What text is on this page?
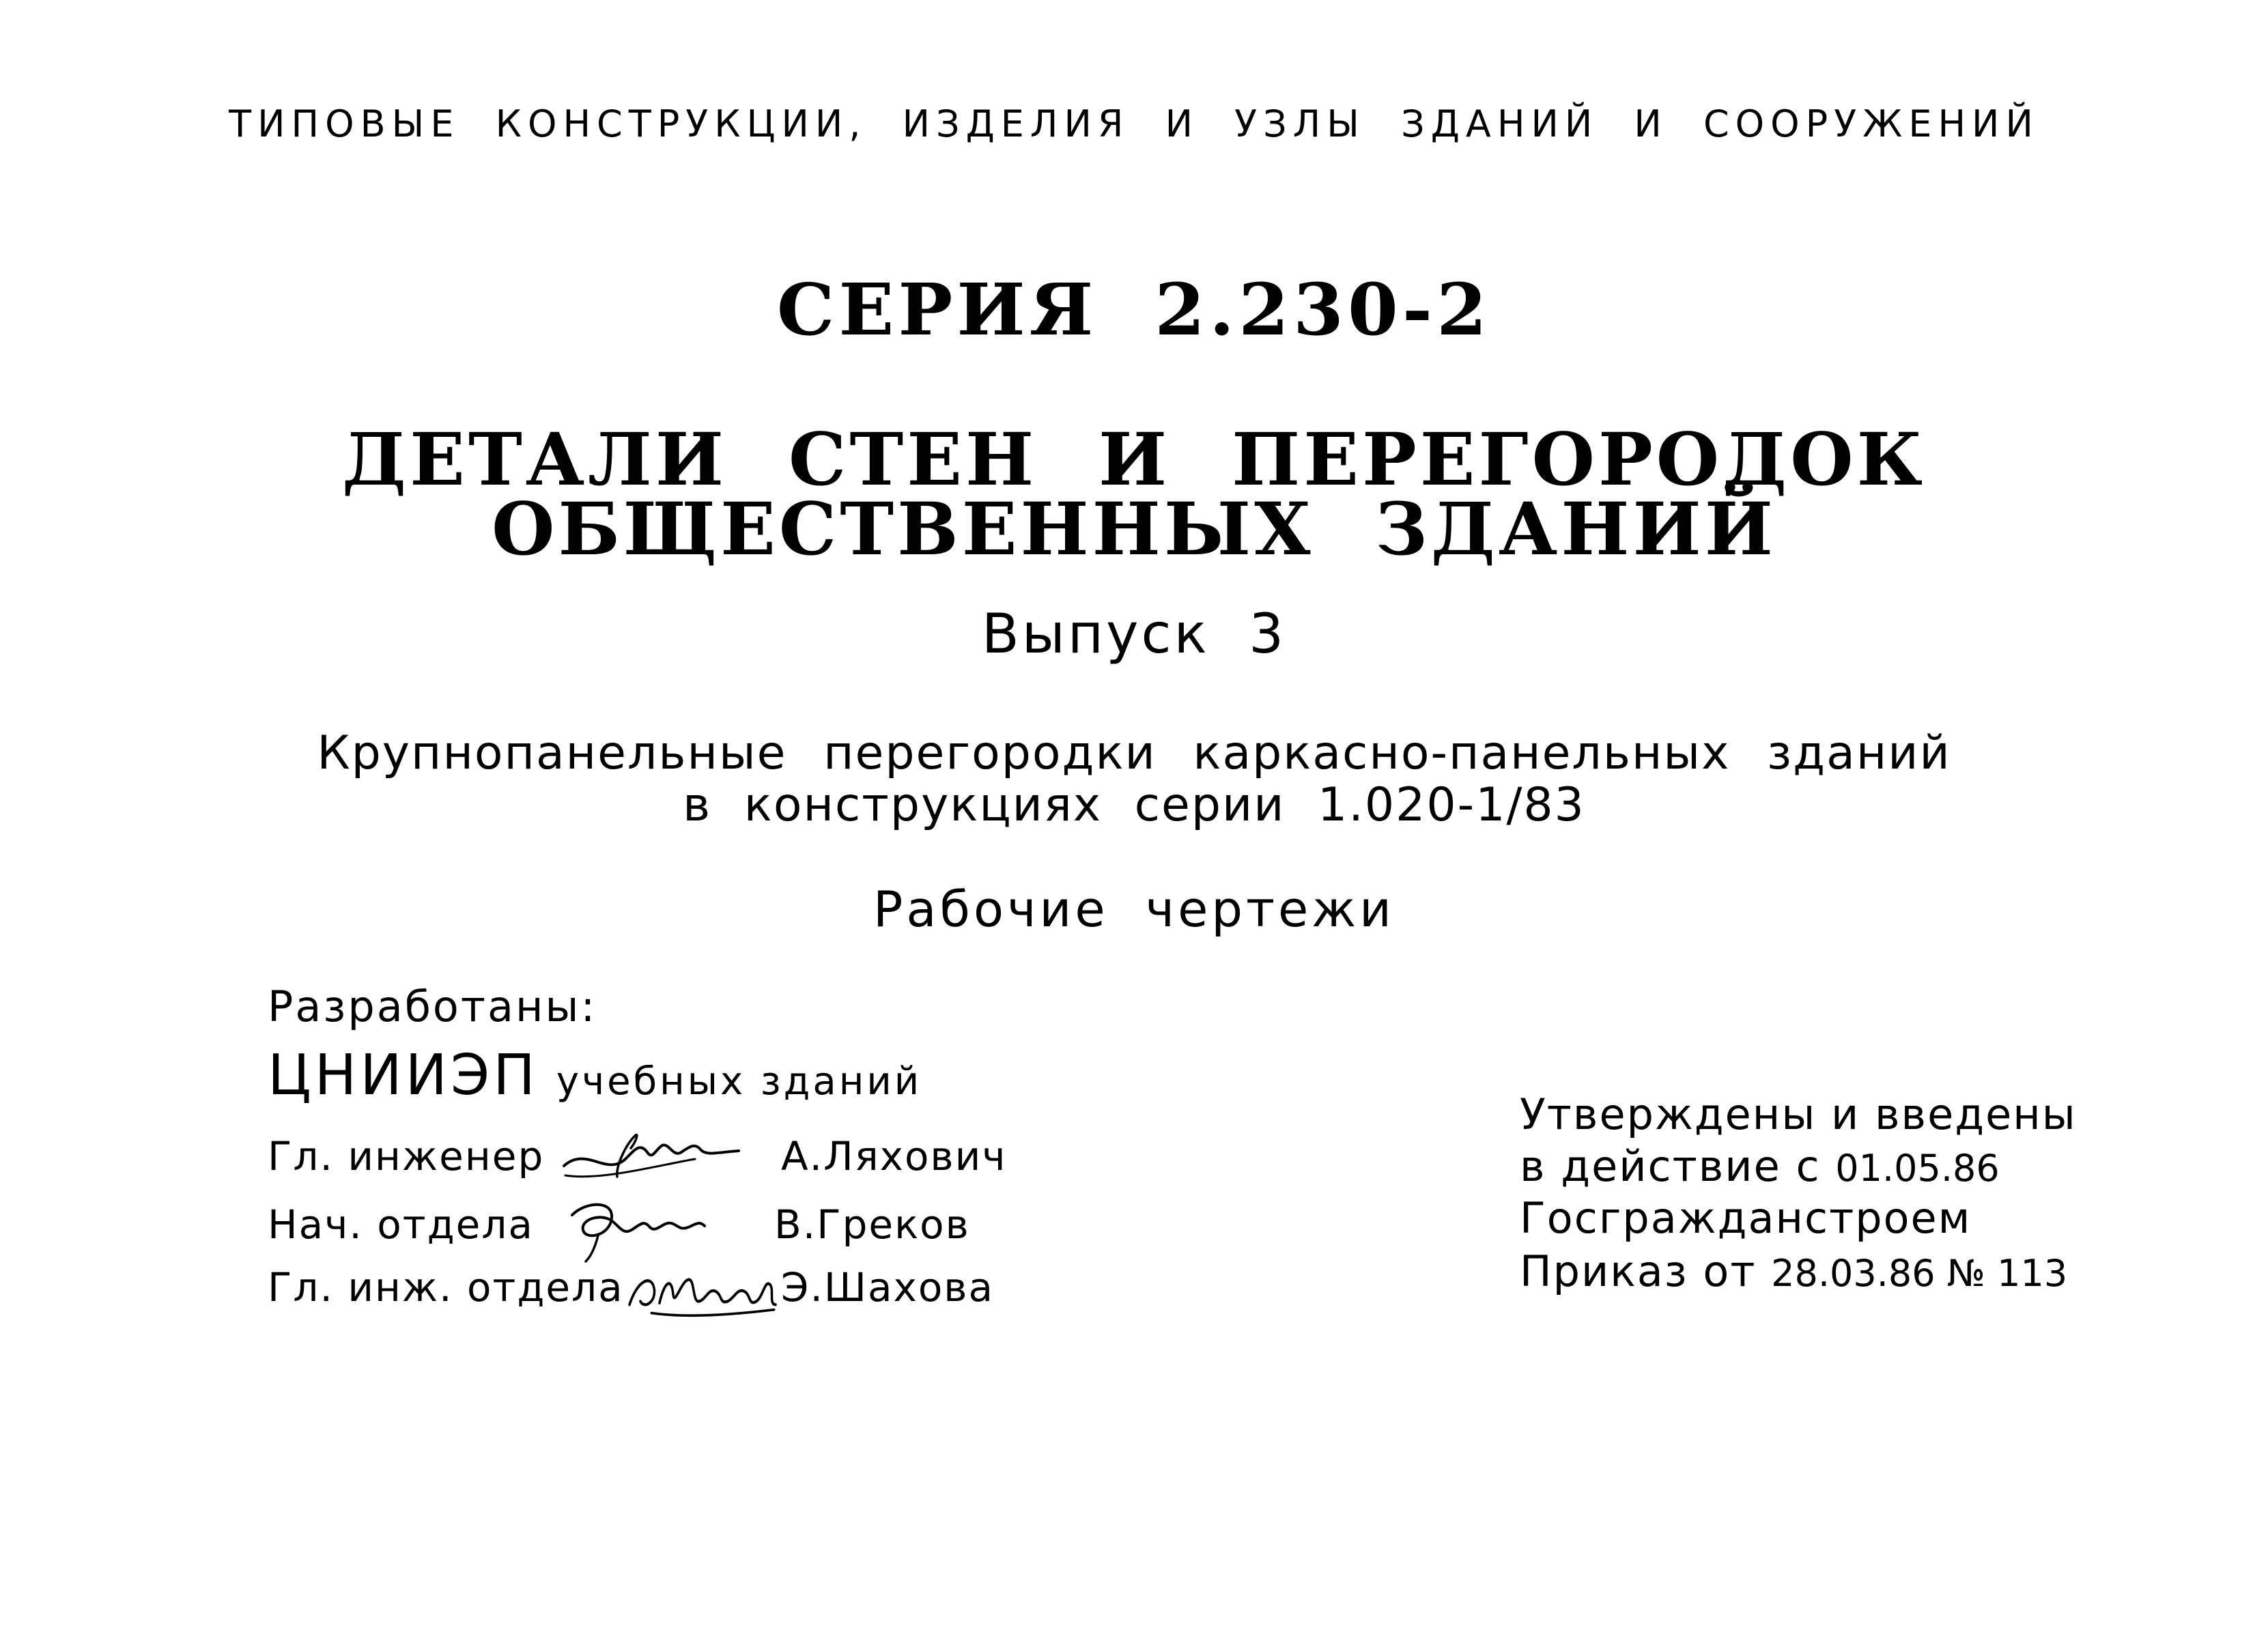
ТИПОВЫЕ КОНСТРУКЦИИ, ИЗДЕЛИЯ И УЗЛЫ ЗДАНИЙ И СООРУЖЕНИЙ
СЕРИЯ 2.230-2
ДЕТАЛИ СТЕН И ПЕРЕГОРОДОК
ОБЩЕСТВЕННЫХ ЗДАНИЙ
Выпуск 3
Крупнопанельные перегородки каркасно-панельных зданий
в конструкциях серии 1.020-1/83
Рабочие чертежи
Разработаны:
ЦНИИЭП учебных зданий
Гл. инженер	А.Ляхович
Нач. отдела	В.Греков
Гл. инж. отдела	Э.Шахова
Утверждены и введены
в действие с 01.05.86
Госгражданстроем
Приказ от 28.03.86 № 113
